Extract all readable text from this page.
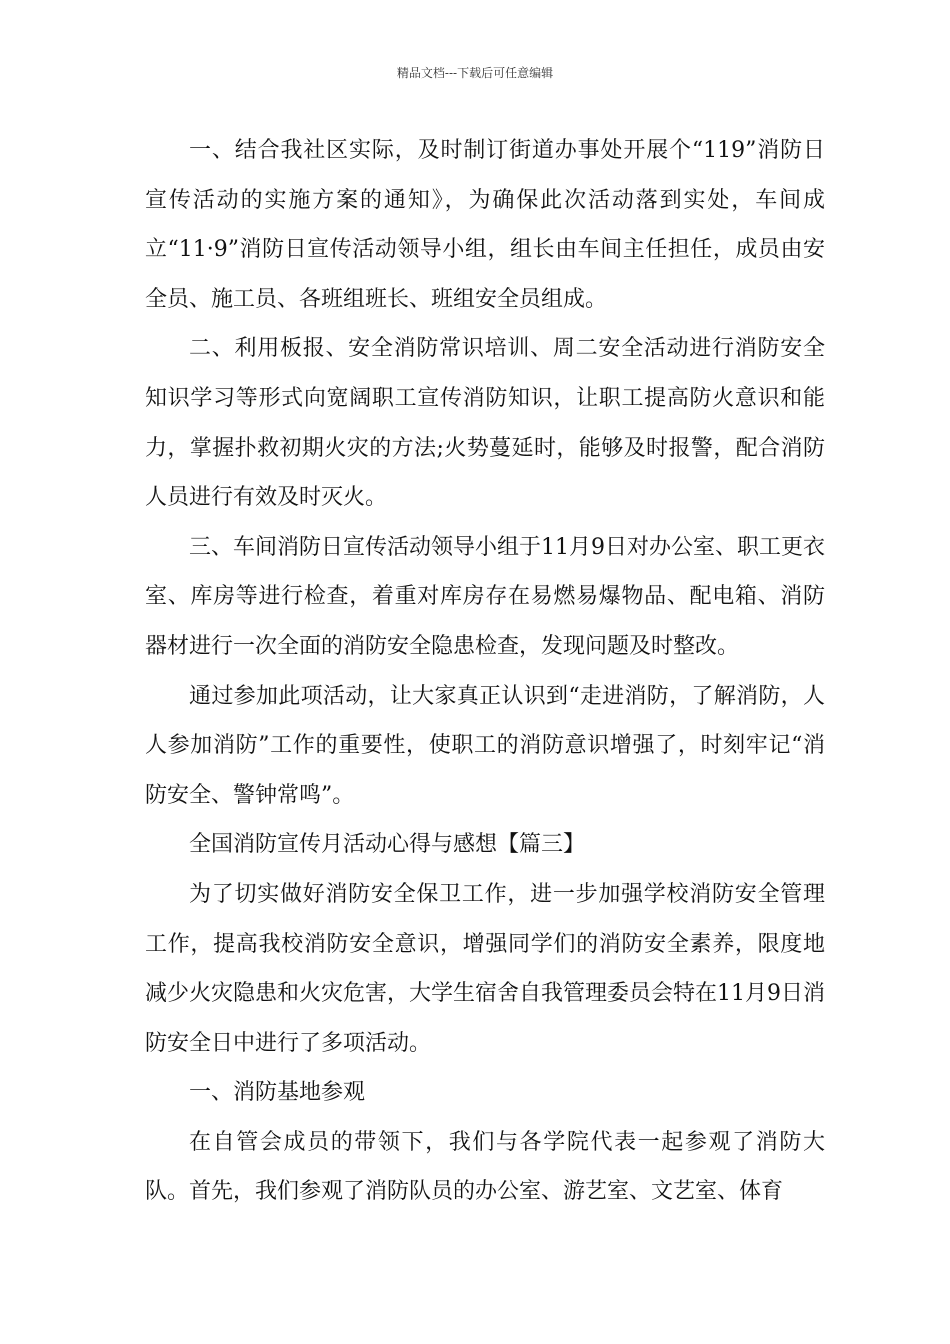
精品文档---下载后可任意编辑

一、结合我社区实际，及时制订街道办事处开展个“119”消防日宣传活动的实施方案的通知》，为确保此次活动落到实处，车间成立“11·9”消防日宣传活动领导小组，组长由车间主任担任，成员由安全员、施工员、各班组班长、班组安全员组成。

二、利用板报、安全消防常识培训、周二安全活动进行消防安全知识学习等形式向宽阔职工宣传消防知识，让职工提高防火意识和能力，掌握扑救初期火灾的方法;火势蔓延时，能够及时报警，配合消防人员进行有效及时灭火。

三、车间消防日宣传活动领导小组于11月9日对办公室、职工更衣室、库房等进行检查，着重对库房存在易燃易爆物品、配电箱、消防器材进行一次全面的消防安全隐患检查，发现问题及时整改。

通过参加此项活动，让大家真正认识到“走进消防，了解消防，人人参加消防”工作的重要性，使职工的消防意识增强了，时刻牢记“消防安全、警钟常鸣”。

全国消防宣传月活动心得与感想【篇三】

为了切实做好消防安全保卫工作，进一步加强学校消防安全管理工作，提高我校消防安全意识，增强同学们的消防安全素养，限度地减少火灾隐患和火灾危害，大学生宿舍自我管理委员会特在11月9日消防安全日中进行了多项活动。

一、消防基地参观

在自管会成员的带领下，我们与各学院代表一起参观了消防大队。首先，我们参观了消防队员的办公室、游艺室、文艺室、体育
